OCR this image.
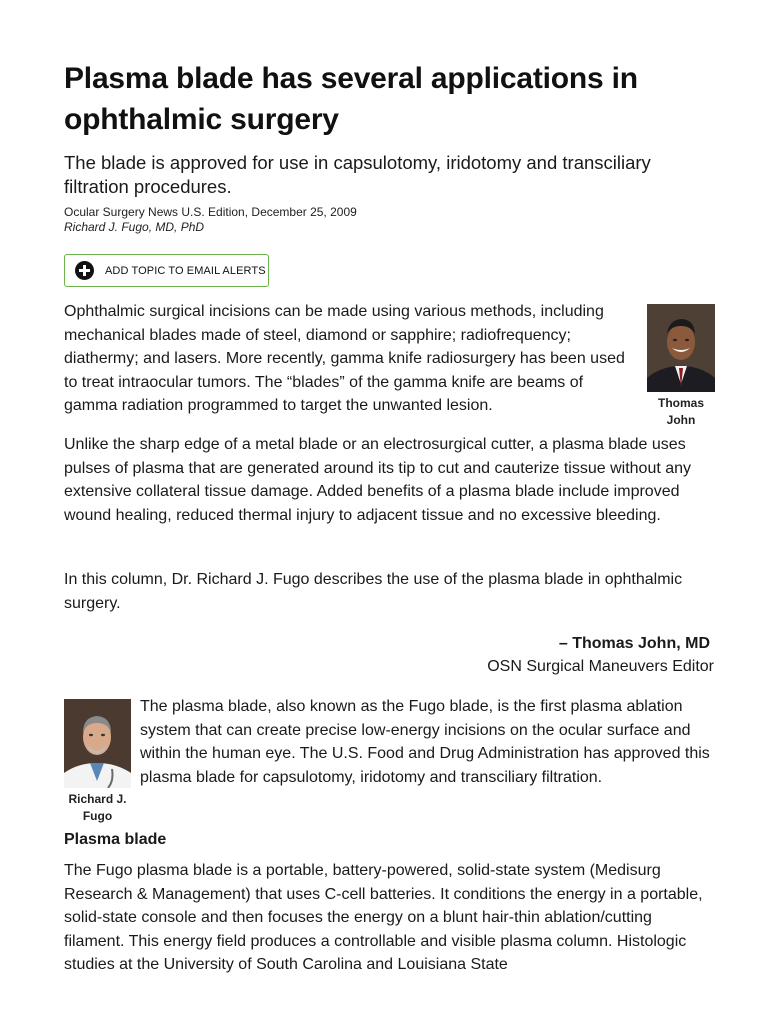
Plasma blade has several applications in ophthalmic surgery

The blade is approved for use in capsulotomy, iridotomy and transciliary filtration procedures.

Ocular Surgery News U.S. Edition, December 25, 2009
Richard J. Fugo, MD, PhD
ADD TOPIC TO EMAIL ALERTS

Ophthalmic surgical incisions can be made using various methods, including mechanical blades made of steel, diamond or sapphire; radiofrequency; diathermy; and lasers. More recently, gamma knife radiosurgery has been used to treat intraocular tumors. The “blades” of the gamma knife are beams of gamma radiation programmed to target the unwanted lesion.

Unlike the sharp edge of a metal blade or an electrosurgical cutter, a plasma blade uses pulses of plasma that are generated around its tip to cut and cauterize tissue without any extensive collateral tissue damage. Added benefits of a plasma blade include improved wound healing, reduced thermal injury to adjacent tissue and no excessive bleeding.

In this column, Dr. Richard J. Fugo describes the use of the plasma blade in ophthalmic surgery.

– Thomas John, MD
OSN Surgical Maneuvers Editor

The plasma blade, also known as the Fugo blade, is the first plasma ablation system that can create precise low-energy incisions on the ocular surface and within the human eye. The U.S. Food and Drug Administration has approved this plasma blade for capsulotomy, iridotomy and transciliary filtration.

Plasma blade

The Fugo plasma blade is a portable, battery-powered, solid-state system (Medisurg Research & Management) that uses C-cell batteries. It conditions the energy in a portable, solid-state console and then focuses the energy on a blunt hair-thin ablation/cutting filament. This energy field produces a controllable and visible plasma column. Histologic studies at the University of South Carolina and Louisiana State

Thomas John
Richard J. Fugo
